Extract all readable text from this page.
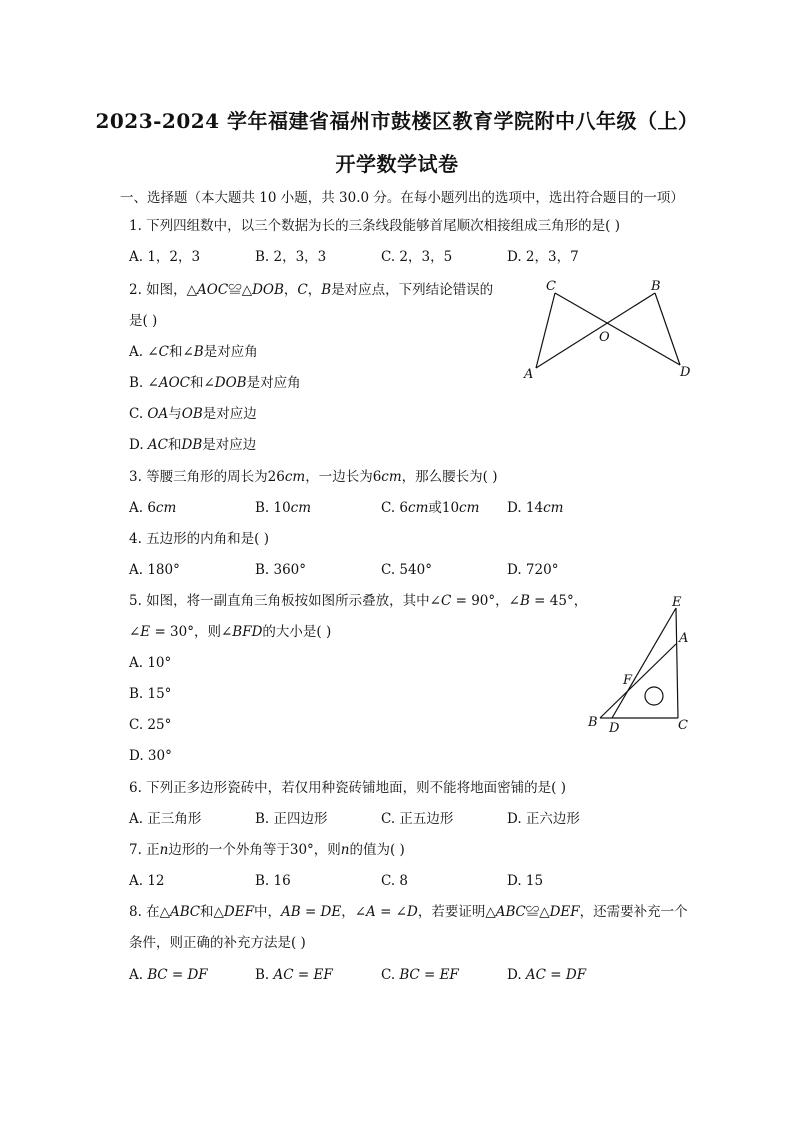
2023-2024 学年福建省福州市鼓楼区教育学院附中八年级（上）
开学数学试卷
一、选择题（本大题共 10 小题，共 30.0 分。在每小题列出的选项中，选出符合题目的一项）
1. 下列四组数中，以三个数据为长的三条线段能够首尾顺次相接组成三角形的是( )
A. 1，2，3	B. 2，3，3	C. 2，3，5	D. 2，3，7
2. 如图，△𝐴𝑂𝐶≌△𝐷𝑂𝐵，𝐶，𝐵是对应点，下列结论错误的
是( )
A. ∠𝐶和∠𝐵是对应角
B. ∠𝐴𝑂𝐶和∠𝐷𝑂𝐵是对应角
C. 𝑂𝐴与𝑂𝐵是对应边
D. 𝐴𝐶和𝐷𝐵是对应边
C	B
O
A	D
3. 等腰三角形的周长为26𝑐𝑚，一边长为6𝑐𝑚，那么腰长为( )
A. 6𝑐𝑚	B. 10𝑐𝑚	C. 6𝑐𝑚或10𝑐𝑚 D. 14𝑐𝑚
4. 五边形的内角和是( )
A. 180°	B. 360°	C. 540°	D. 720°
5. 如图，将一副直角三角板按如图所示叠放，其中∠𝐶 = 90°，∠𝐵 = 45°，
∠𝐸 = 30°，则∠𝐵𝐹𝐷的大小是( )
A. 10°
B. 15°
C. 25°
D. 30°
E
A
F
B D	C
6. 下列正多边形瓷砖中，若仅用种瓷砖铺地面，则不能将地面密铺的是( )
A. 正三角形	B. 正四边形	C. 正五边形	D. 正六边形
7. 正𝑛边形的一个外角等于30°，则𝑛的值为( )
A. 12	B. 16	C. 8	D. 15
8. 在△𝐴𝐵𝐶和△𝐷𝐸𝐹中，𝐴𝐵 = 𝐷𝐸，∠𝐴 = ∠𝐷，若要证明△𝐴𝐵𝐶≌△𝐷𝐸𝐹，还需要补充一个
条件，则正确的补充方法是( )
A. 𝐵𝐶 = 𝐷𝐹	B. 𝐴𝐶 = 𝐸𝐹	C. 𝐵𝐶 = 𝐸𝐹	D. 𝐴𝐶 = 𝐷𝐹
